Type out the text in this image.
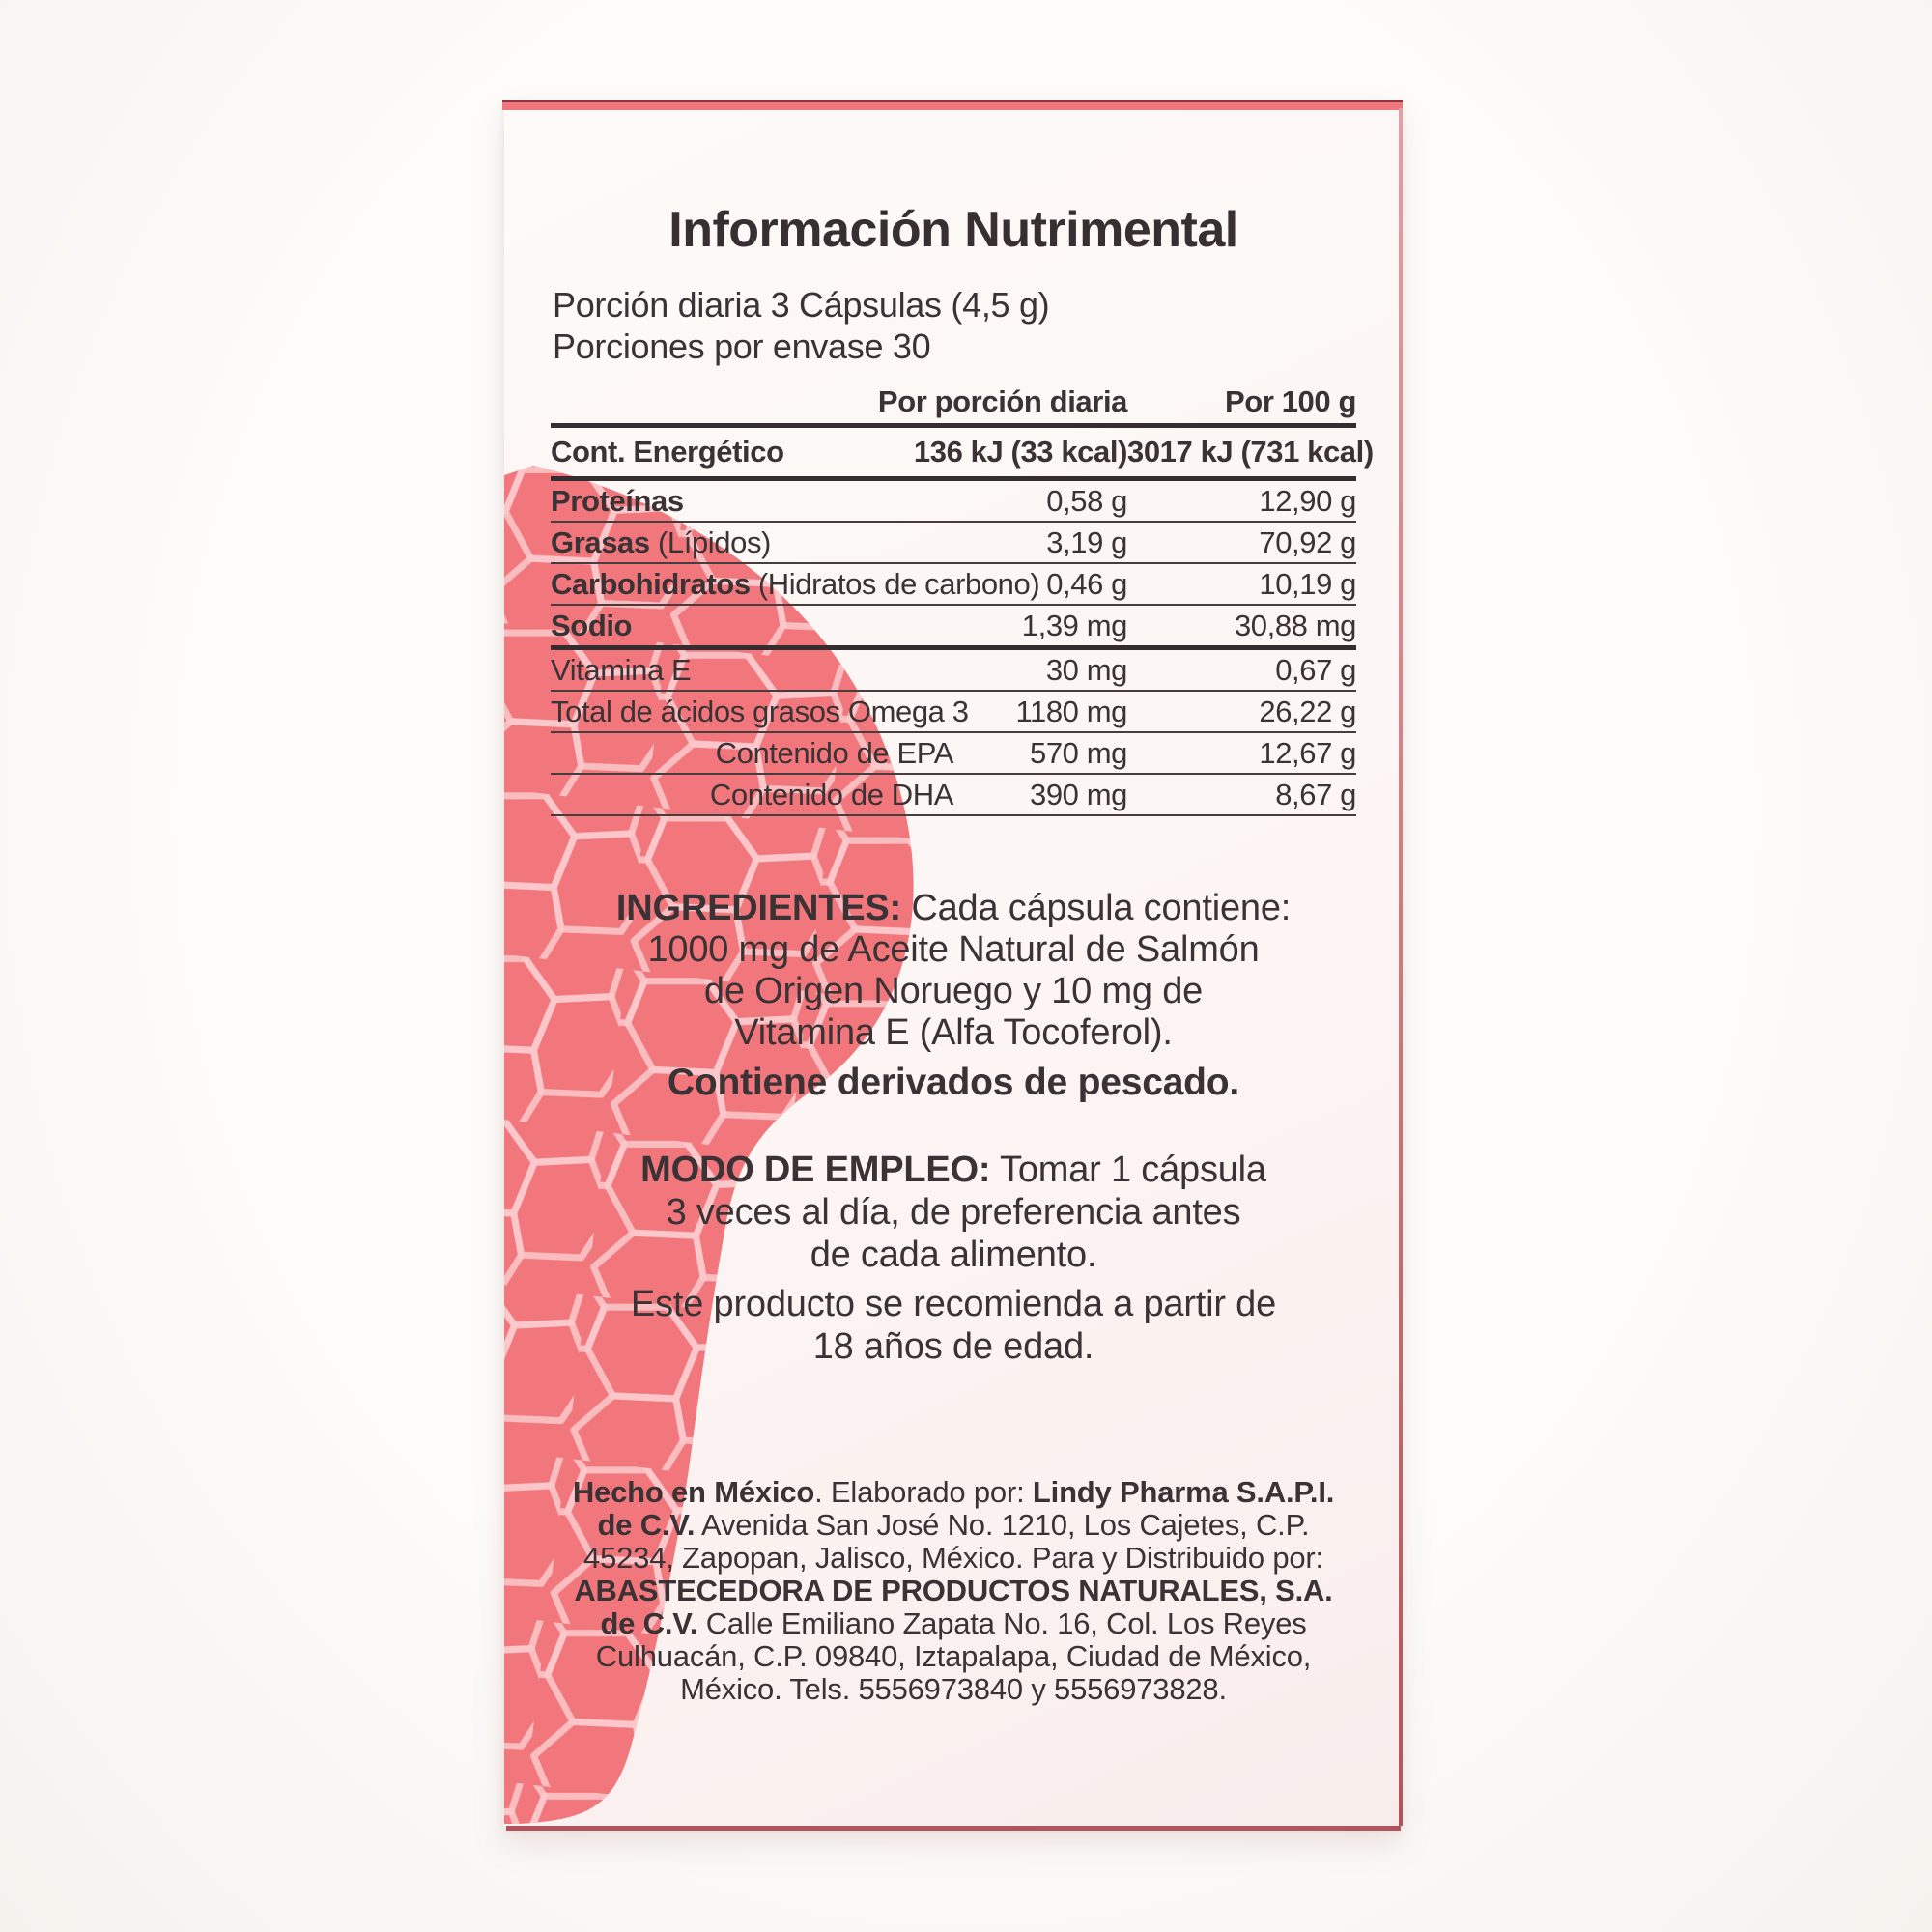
Información Nutrimental
Porción diaria 3 Cápsulas (4,5 g)
Porciones por envase 30
Por porción diaria	Por 100 g
Cont. Energético	136 kJ (33 kcal) 3017 kJ (731 kcal)
Proteínas	0,58 g	12,90 g
Grasas (Lípidos)	3,19 g	70,92 g
Carbohidratos (Hidratos de carbono) 0,46 g	10,19 g
Sodio	1,39 mg	30,88 mg
Vitamina E	30 mg	0,67 g
Total de ácidos grasos Omega 3	1180 mg	26,22 g
Contenido de EPA	570 mg	12,67 g
Contenido de DHA	390 mg	8,67 g
INGREDIENTES: Cada cápsula contiene:
1000 mg de Aceite Natural de Salmón
de Origen Noruego y 10 mg de
Vitamina E (Alfa Tocoferol).
Contiene derivados de pescado.
MODO DE EMPLEO: Tomar 1 cápsula
3 veces al día, de preferencia antes
de cada alimento.
Este producto se recomienda a partir de
18 años de edad.
Hecho en México. Elaborado por: Lindy Pharma S.A.P.I.
de C.V. Avenida San José No. 1210, Los Cajetes, C.P.
45234, Zapopan, Jalisco, México. Para y Distribuido por:
ABASTECEDORA DE PRODUCTOS NATURALES, S.A.
de C.V. Calle Emiliano Zapata No. 16, Col. Los Reyes
Culhuacán, C.P. 09840, Iztapalapa, Ciudad de México,
México. Tels. 5556973840 y 5556973828.
